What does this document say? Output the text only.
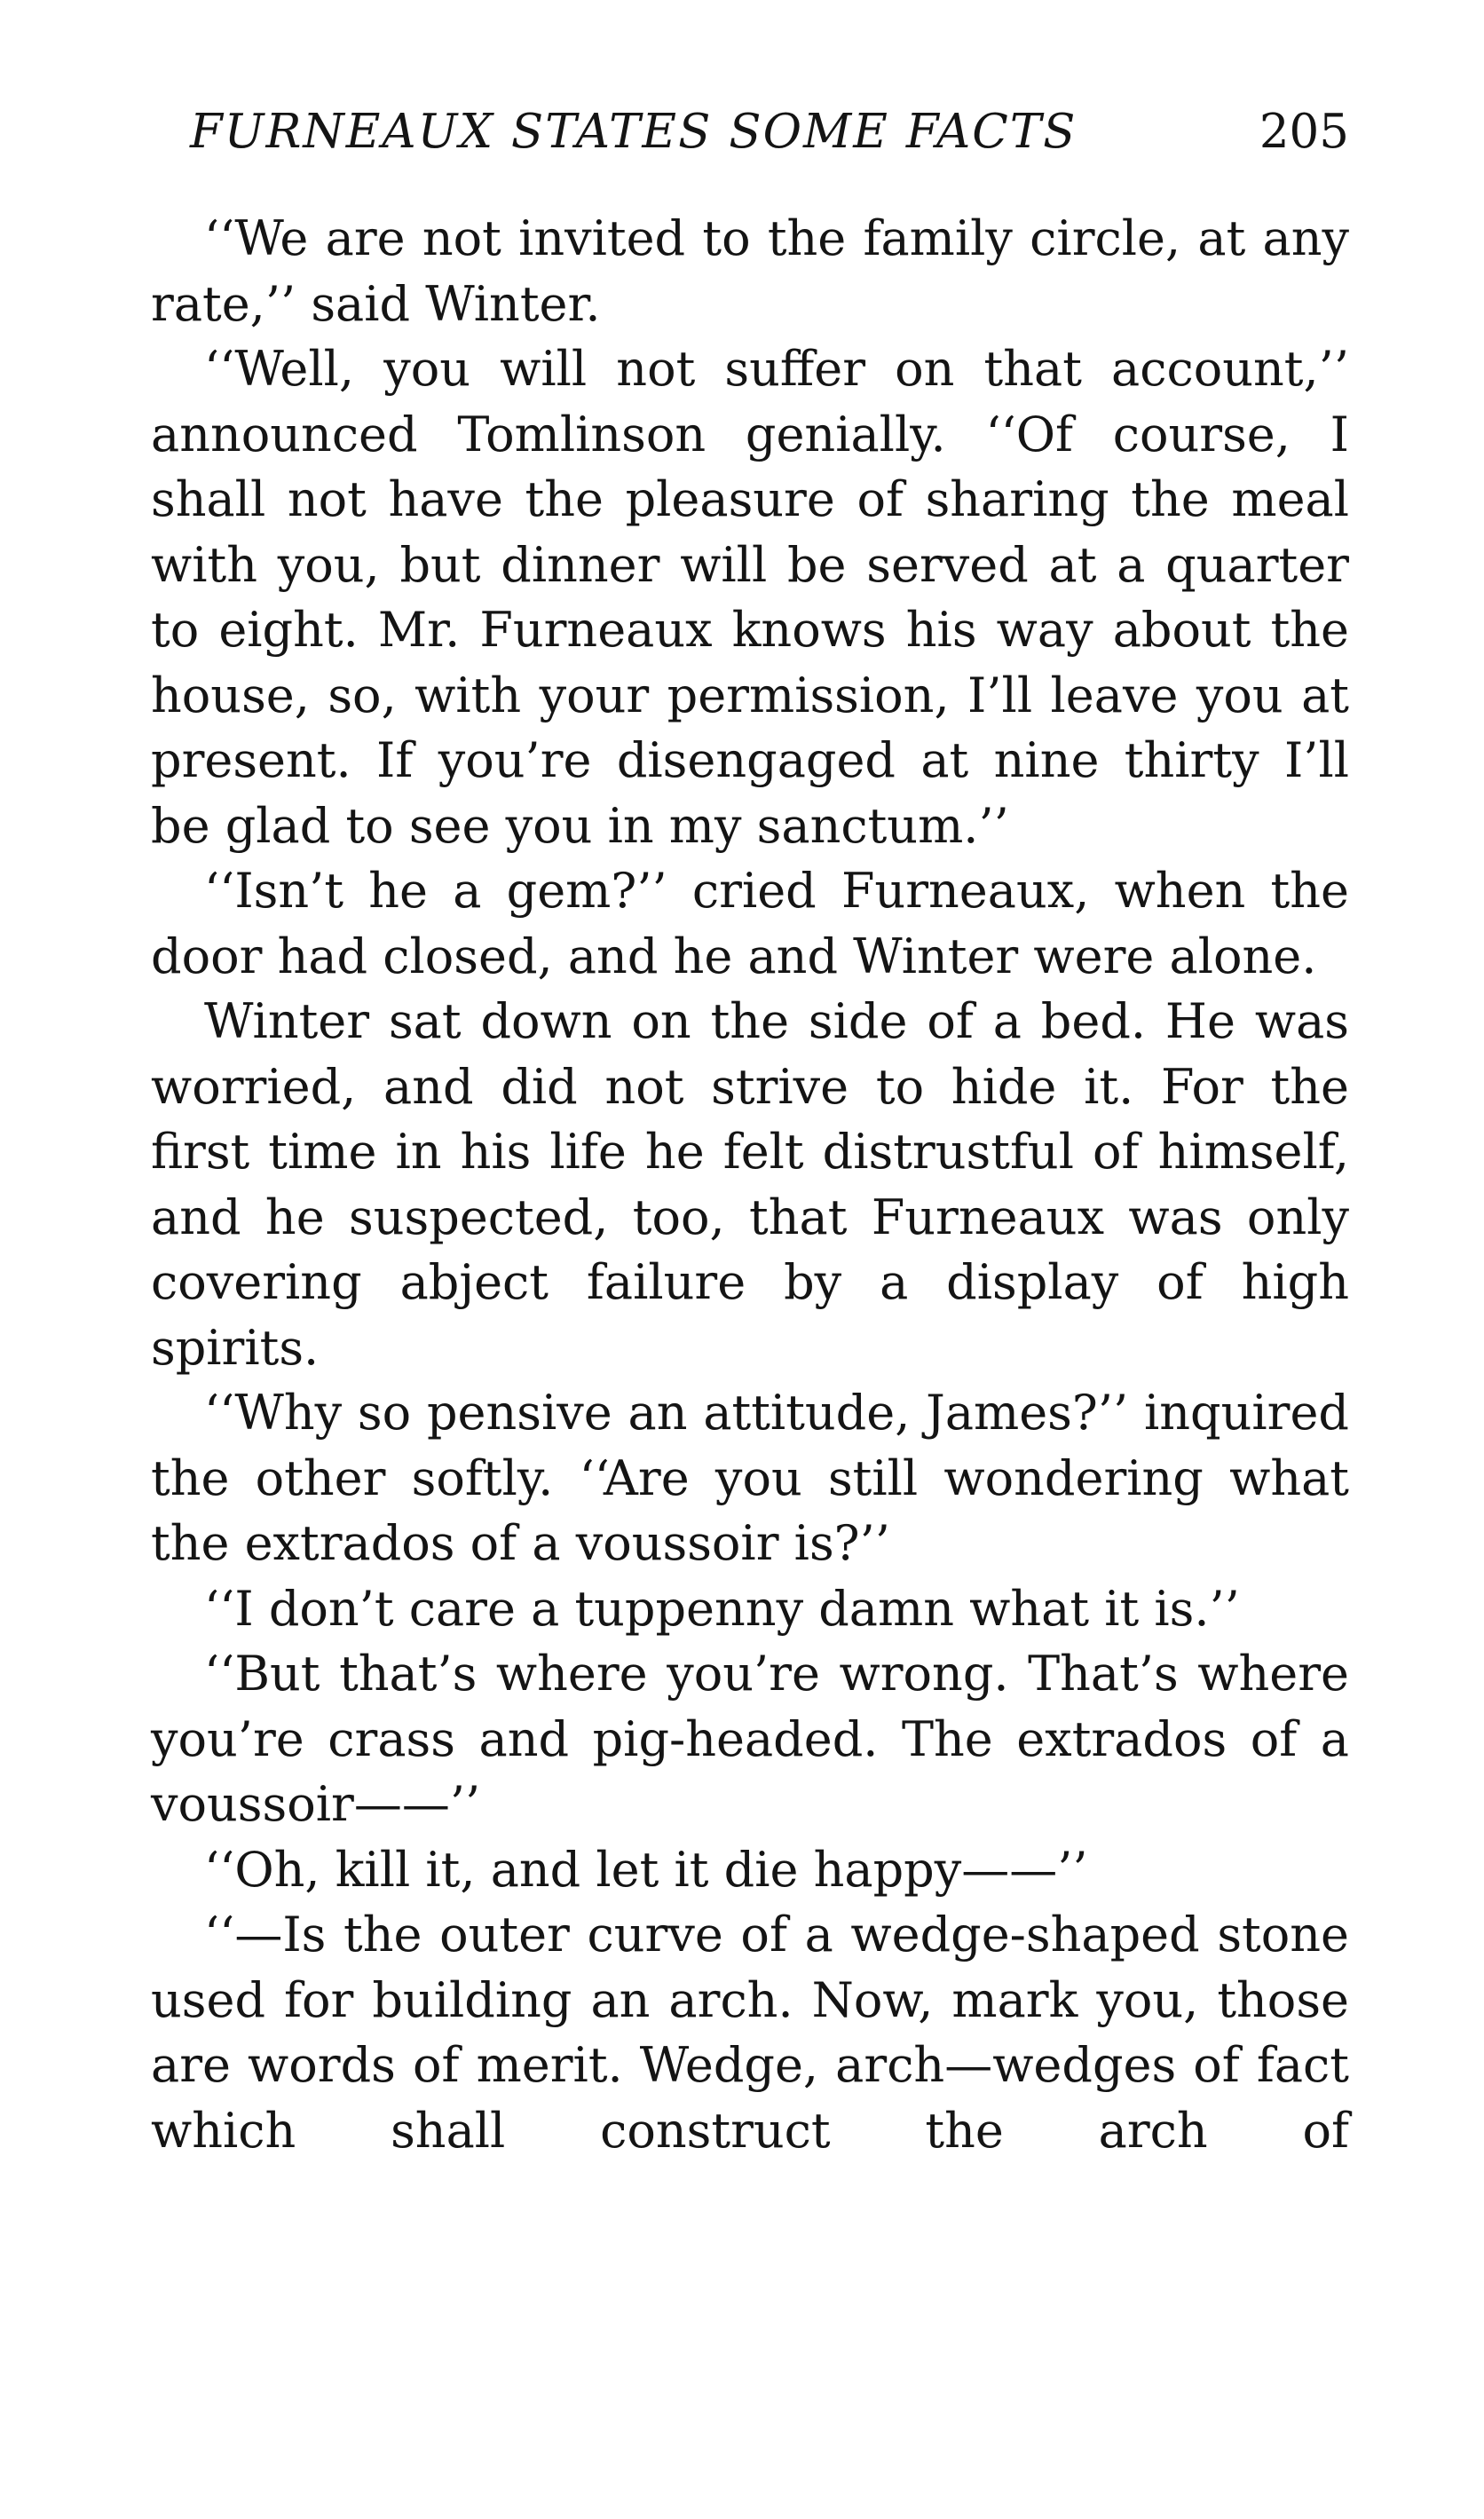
FURNEAUX STATES SOME FACTS	205

‘‘We are not invited to the family circle, at any rate,’’ said Winter.

‘‘Well, you will not suffer on that account,’’ announced Tomlinson genially. ‘‘Of course, I shall not have the pleasure of sharing the meal with you, but dinner will be served at a quarter to eight. Mr. Furneaux knows his way about the house, so, with your permission, I’ll leave you at present. If you’re disengaged at nine thirty I’ll be glad to see you in my sanctum.’’

‘‘Isn’t he a gem?’’ cried Furneaux, when the door had closed, and he and Winter were alone.

Winter sat down on the side of a bed. He was worried, and did not strive to hide it. For the first time in his life he felt distrustful of himself, and he suspected, too, that Furneaux was only covering abject failure by a display of high spirits.

‘‘Why so pensive an attitude, James?’’ inquired the other softly. ‘‘Are you still wondering what the extrados of a voussoir is?’’

‘‘I don’t care a tuppenny damn what it is.’’

‘‘But that’s where you’re wrong. That’s where you’re crass and pig-headed. The extrados of a voussoir——’’

‘‘Oh, kill it, and let it die happy——’’

‘‘—Is the outer curve of a wedge-shaped stone used for building an arch. Now, mark you, those are words of merit. Wedge, arch—wedges of fact which shall construct the arch of
